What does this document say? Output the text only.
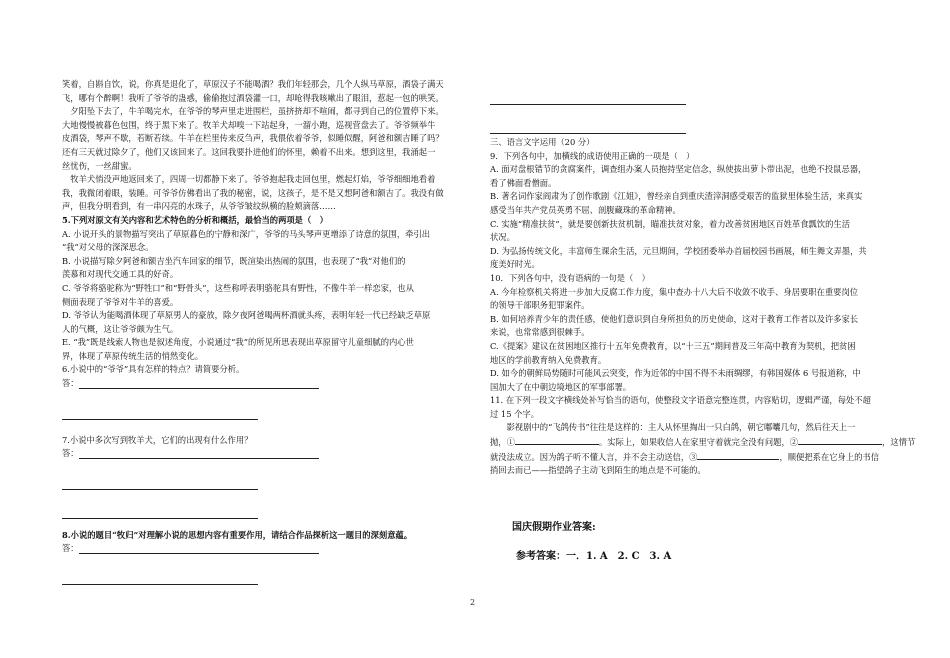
笑着，自斟自饮，说，你真是退化了，草原汉子不能喝酒？我们年轻那会，几个人纵马草原，酒袋子满天

飞，哪有个醉啊！我听了爷爷的蛊惑，偷偷抱过酒袋灌一口，却呛得我咳嗽出了眼泪，惹起一包的哄笑。

　夕阳坠下去了，牛羊喝完水，在爷爷的琴声里走进围栏，虽挤挤却不喧闹，都寻到自己的位置停下来。

大地慢慢被暮色包围，终于黑下来了。牧羊犬却嗅一下站起身，一溜小跑，巡视营盘去了。爷爷频举牛

皮酒袋，琴声不歇，若断若续。牛羊在栏里传来反刍声，我偎依着爷爷，似睡似醒，阿爸和额吉睡了吗？

还有三天就过除夕了，他们又该回来了。这回我要扑进他们的怀里，赖着不出来。想到这里，我涌起一

丝忧伤，一丝甜蜜。

　牧羊犬悄没声地返回来了，四周一切都静下来了。爷爷抱起我走回包里，燃起灯焰，爷爷细细地看着

我，我微闭着眼，装睡。可爷爷仿佛看出了我的秘密，说，这孩子，是不是又想阿爸和额吉了。我没有做

声，但我分明看到，有一串闪亮的水珠子，从爷爷皱纹纵横的脸颊滴落……

5.下列对原文有关内容和艺术特色的分析和概括，最恰当的两项是（　）

A. 小说开头的景物描写突出了草原暮色的宁静和深广，爷爷的马头琴声更增添了诗意的氛围，牵引出

“我”对父母的深深思念。

B. 小说描写除夕阿爸和额吉坐汽车回家的细节，既渲染出热闹的氛围，也表现了“我”对他们的

羡慕和对现代交通工具的好奇。

C. 爷爷将骆驼称为“野牲口”和“野骨头”，这些称呼表明骆驼具有野性，不像牛羊一样恋家，也从

侧面表现了爷爷对牛羊的喜爱。

D. 爷爷认为能喝酒体现了草原男人的豪放，除夕夜阿爸喝两杯酒就头疼，表明年轻一代已经缺乏草原

人的气概，这让爷爷颇为生气。

E. “我”既是线索人物也是叙述角度，小说通过“我”的所见所思表现出草原留守儿童细腻的内心世

界，体现了草原传统生活的悄然变化。

6.小说中的“爷爷”具有怎样的特点？请简要分析。

答：

7.小说中多次写到牧羊犬，它们的出现有什么作用？

答：

8.小说的题目“牧归”对理解小说的思想内容有重要作用，请结合作品探析这一题目的深刻意蕴。

答：

三、语言文字运用（20 分）

9．下列各句中，加横线的成语使用正确的一项是（　）

A. 面对盘根错节的贪腐案件，调查组办案人员抱持坚定信念，纵使拔出萝卜带出泥，也绝不投鼠忌器，

看了佛面看僧面。

B. 著名词作家阎肃为了创作歌剧《江姐》，曾经亲自到重庆渣滓洞感受艰苦的监狱里体验生活，来真实

感受当年共产党员英勇不屈、剖腹藏珠的革命精神。

C. 实施“精准扶贫”，就是要创新扶贫机制，瞄准扶贫对象，着力改善贫困地区百姓革食瓢饮的生活

状况。

D. 为弘扬传统文化，丰富师生课余生活，元旦期间，学校团委举办首届校园书画展，师生舞文弄墨，共

度美好时光。

10．下列各句中，没有语病的一句是（　）

A. 今年检察机关将进一步加大反腐工作力度，集中查办十八大后不收敛不收手、身居要职在重要岗位

的领导干部职务犯罪案件。

B. 如何培养青少年的责任感，使他们意识到自身所担负的历史使命，这对于教育工作者以及许多家长

来说，也常常感到很棘手。

C.《提案》建议在贫困地区推行十五年免费教育，以“十三五”期间普及三年高中教育为契机，把贫困

地区的学前教育纳入免费教育。

D. 如今的朝鲜局势随时可能风云突变，作为近邻的中国不得不未雨绸缪，有韩国媒体 6 号报道称，中

国加大了在中朝边境地区的军事部署。

11. 在下列一段文字横线处补写恰当的语句，使整段文字语意完整连贯，内容贴切，逻辑严谨，每处不超

过 15 个字。

　　影视剧中的“飞鸽传书”往往是这样的：主人从怀里掏出一只白鸽，朝它嘟囔几句，然后往天上一

抛，①	。实际上，如果收信人在家里守着就完全没有问题，②	，这情节

就没法成立。因为鸽子听不懂人言，并不会主动送信，③	，顺便把系在它身上的书信

捎回去而已——指望鸽子主动飞到陌生的地点是不可能的。

国庆假期作业答案:
参考答案：一．1. A　2. C　3. A
2
